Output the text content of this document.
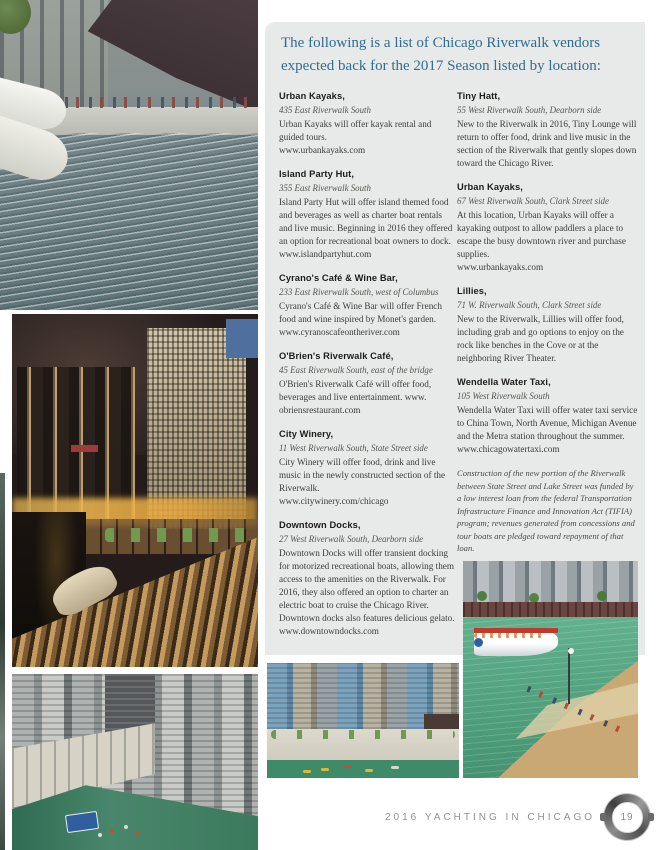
The following is a list of Chicago Riverwalk vendors expected back for the 2017 Season listed by location:
Urban Kayaks,
435 East Riverwalk South
Urban Kayaks will offer kayak rental and guided tours.
www.urbankayaks.com
Island Party Hut,
355 East Riverwalk South
Island Party Hut will offer island themed food and beverages as well as charter boat rentals and live music. Beginning in 2016 they offered an option for recreational boat owners to dock.
www.islandpartyhut.com
Cyrano's Café & Wine Bar,
233 East Riverwalk South, west of Columbus
Cyrano's Café & Wine Bar will offer French food and wine inspired by Monet's garden.
www.cyranoscafeontheriver.com
O'Brien's Riverwalk Café,
45 East Riverwalk South, east of the bridge
O'Brien's Riverwalk Café will offer food, beverages and live entertainment. www.
obriensrestaurant.com
City Winery,
11 West Riverwalk South, State Street side
City Winery will offer food, drink and live music in the newly constructed section of the Riverwalk.
www.citywinery.com/chicago
Downtown Docks,
27 West Riverwalk South, Dearborn side
Downtown Docks will offer transient docking for motorized recreational boats, allowing them access to the amenities on the Riverwalk. For 2016, they also offered an option to charter an electric boat to cruise the Chicago River. Downtown docks also features delicious gelato.
www.downtowndocks.com
Tiny Hatt,
55 West Riverwalk South, Dearborn side
New to the Riverwalk in 2016, Tiny Lounge will return to offer food, drink and live music in the section of the Riverwalk that gently slopes down toward the Chicago River.
Urban Kayaks,
67 West Riverwalk South, Clark Street side
At this location, Urban Kayaks will offer a kayaking outpost to allow paddlers a place to escape the busy downtown river and purchase supplies.
www.urbankayaks.com
Lillies,
71 W. Riverwalk South, Clark Street side
New to the Riverwalk, Lillies will offer food, including grab and go options to enjoy on the rock like benches in the Cove or at the neighboring River Theater.
Wendella Water Taxi,
105 West Riverwalk South
Wendella Water Taxi will offer water taxi service to China Town, North Avenue, Michigan Avenue and the Metra station throughout the summer.
www.chicagowatertaxi.com
Construction of the new portion of the Riverwalk between State Street and Lake Street was funded by a low interest loan from the federal Transportation Infrastructure Finance and Innovation Act (TIFIA) program; revenues generated from concessions and tour boats are pledged toward repayment of that loan.
2016 YACHTING IN CHICAGO	19
